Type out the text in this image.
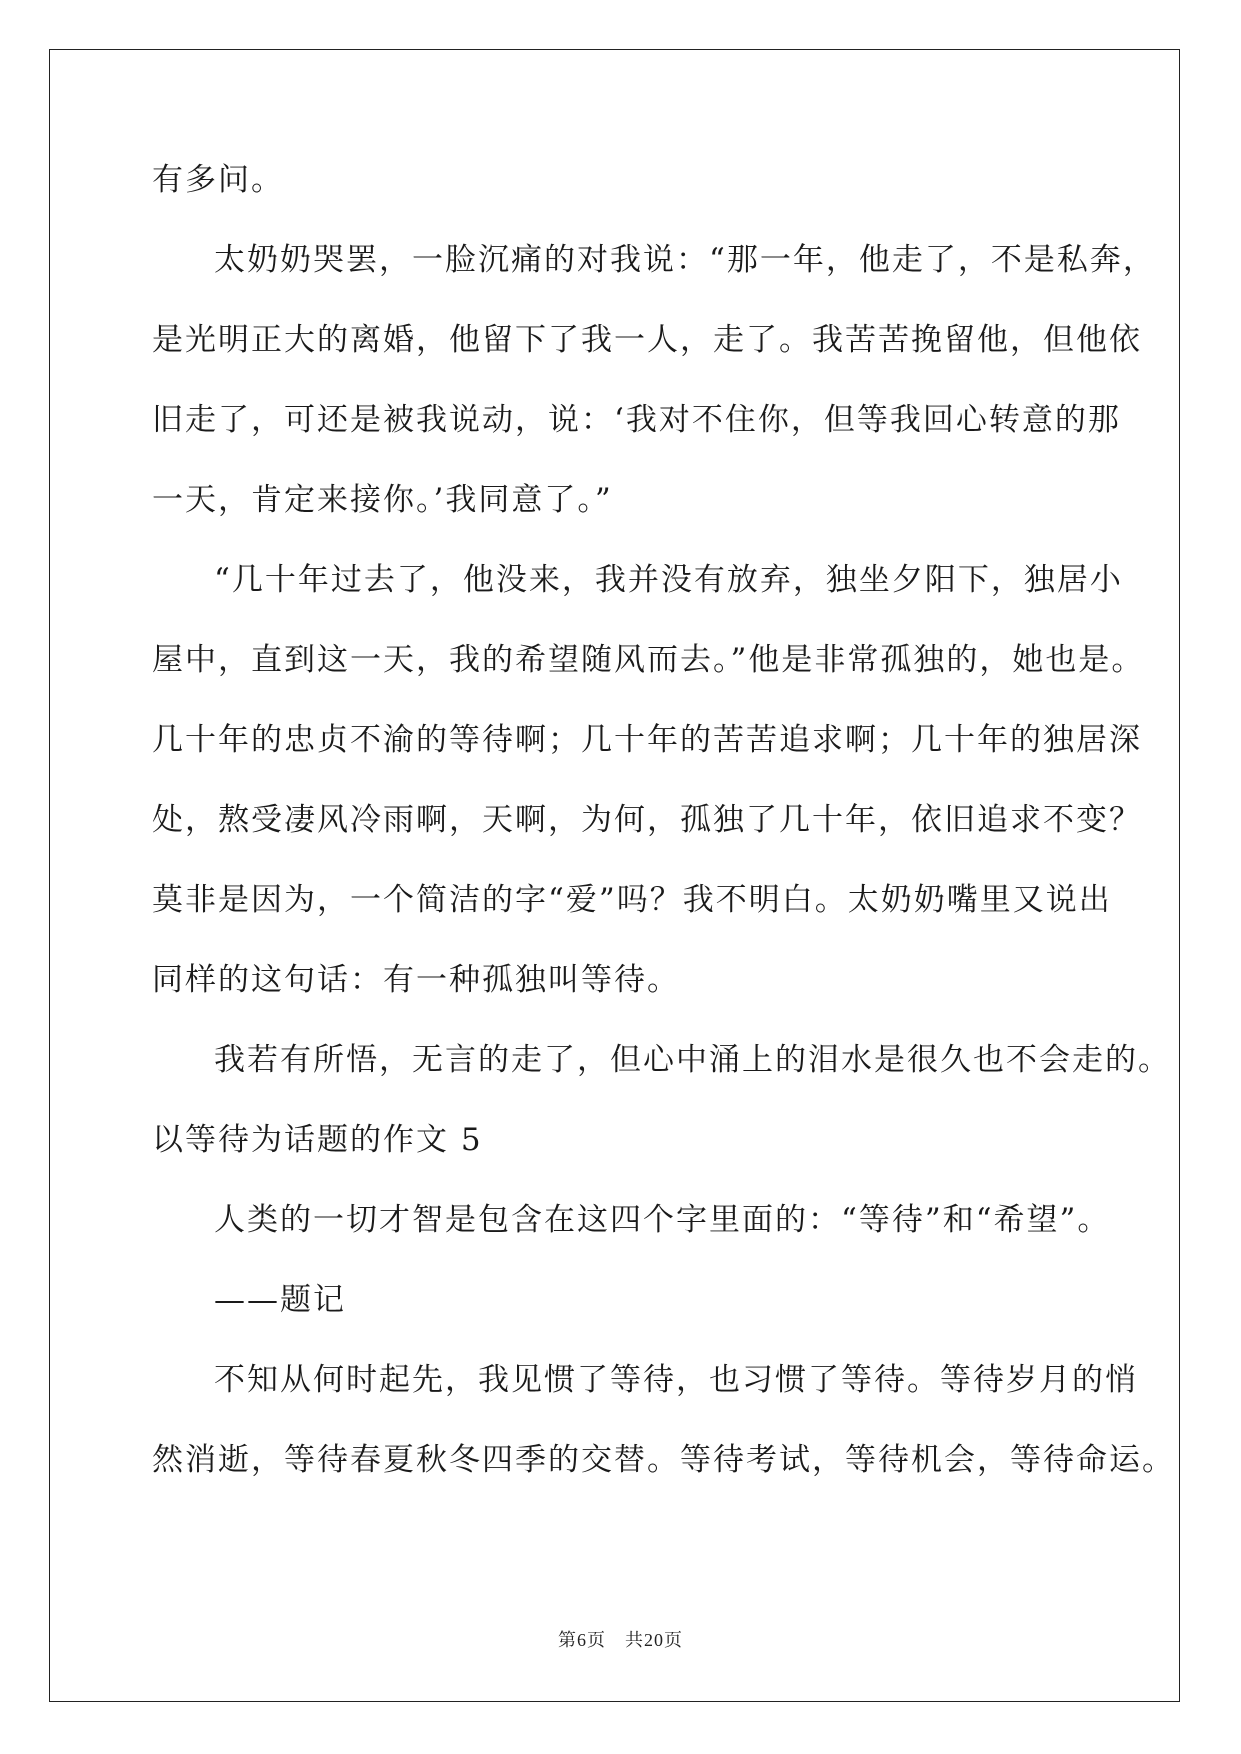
有多问。
太奶奶哭罢，一脸沉痛的对我说：“那一年，他走了，不是私奔，
是光明正大的离婚，他留下了我一人，走了。我苦苦挽留他，但他依
旧走了，可还是被我说动，说：‘我对不住你，但等我回心转意的那
一天，肯定来接你。’我同意了。”
“几十年过去了，他没来，我并没有放弃，独坐夕阳下，独居小
屋中，直到这一天，我的希望随风而去。”他是非常孤独的，她也是。
几十年的忠贞不渝的等待啊；几十年的苦苦追求啊；几十年的独居深
处，熬受凄风冷雨啊，天啊，为何，孤独了几十年，依旧追求不变？
莫非是因为，一个简洁的字“爱”吗？我不明白。太奶奶嘴里又说出
同样的这句话：有一种孤独叫等待。
我若有所悟，无言的走了，但心中涌上的泪水是很久也不会走的。
以等待为话题的作文 5
人类的一切才智是包含在这四个字里面的：“等待”和“希望”。
——题记
不知从何时起先，我见惯了等待，也习惯了等待。等待岁月的悄
然消逝，等待春夏秋冬四季的交替。等待考试，等待机会，等待命运。
第6页　共20页
